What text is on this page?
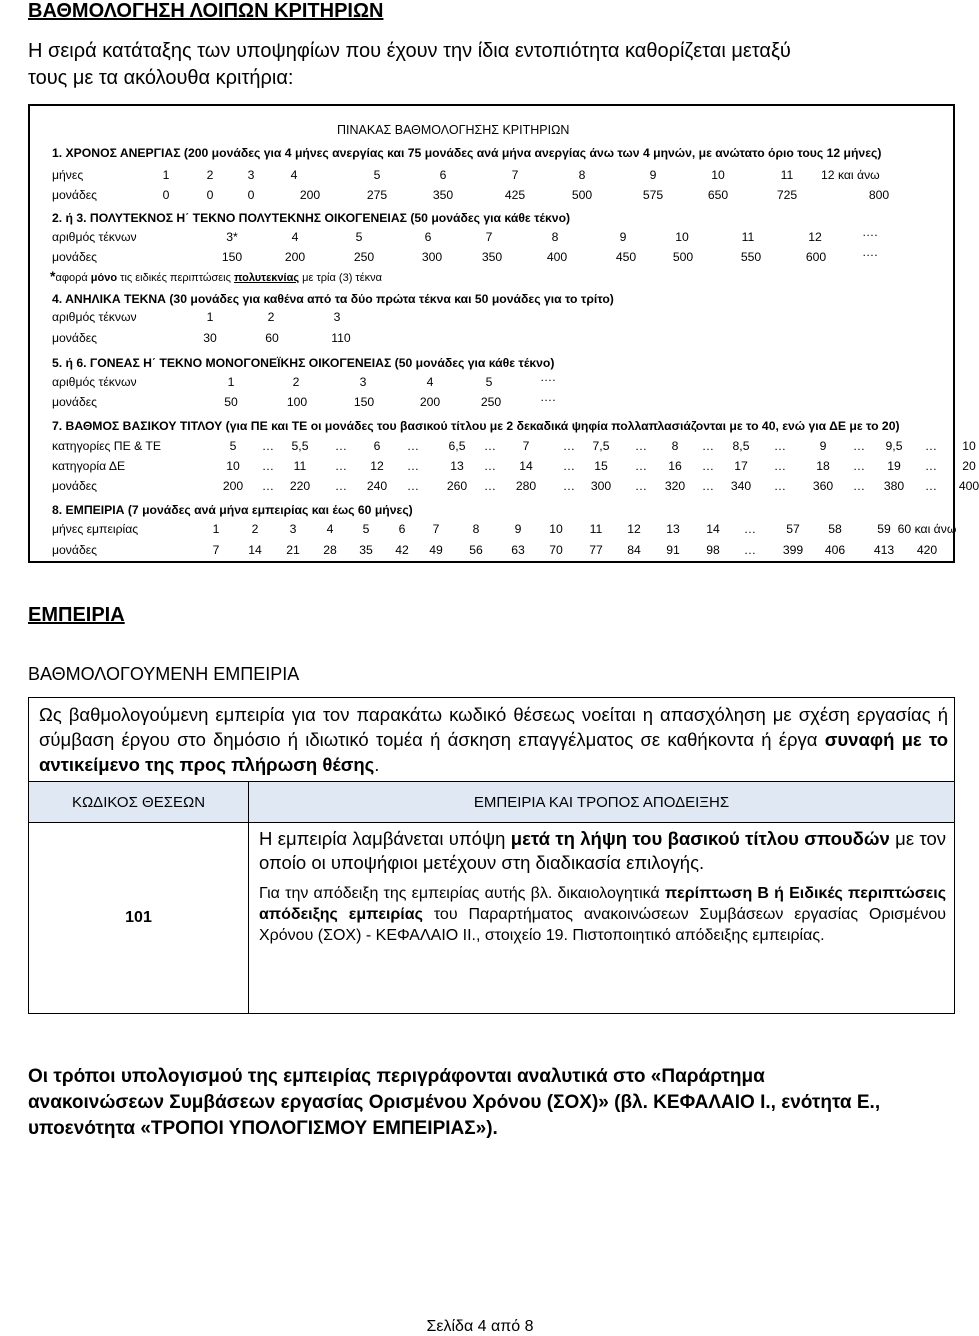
ΒΑΘΜΟΛΟΓΗΣΗ ΛΟΙΠΩΝ ΚΡΙΤΗΡΙΩΝ
Η σειρά κατάταξης των υποψηφίων που έχουν την ίδια εντοπιότητα καθορίζεται μεταξύ
τους με τα ακόλουθα κριτήρια:
ΠΙΝΑΚΑΣ ΒΑΘΜΟΛΟΓΗΣΗΣ ΚΡΙΤΗΡΙΩΝ
1. ΧΡΟΝΟΣ ΑΝΕΡΓΙΑΣ (200 μονάδες για 4 μήνες ανεργίας και 75 μονάδες ανά μήνα ανεργίας άνω των 4 μηνών, με ανώτατο όριο τους 12 μήνες)
μήνες	1	2	3	4	5	6	7	8	9	10	11 12 και άνω
μονάδες	0	0	0	200	275	350	425	500	575	650	725	800
2. ή 3. ΠΟΛΥΤΕΚΝΟΣ Η΄ ΤΕΚΝΟ ΠΟΛΥΤΕΚΝΗΣ ΟΙΚΟΓΕΝΕΙΑΣ (50 μονάδες για κάθε τέκνο)
αριθμός τέκνων	3*	4	5	6	7	8	9	10	11	12	….
μονάδες	150	200	250	300	350	400	450	500	550	600	….
*αφορά μόνο τις ειδικές περιπτώσεις πολυτεκνίας με τρία (3) τέκνα
4. ΑΝΗΛΙΚΑ ΤΕΚΝΑ (30 μονάδες για καθένα από τα δύο πρώτα τέκνα και 50 μονάδες για το τρίτο)
αριθμός τέκνων	1	2	3
μονάδες	30	60	110
5. ή 6. ΓΟΝΕΑΣ Η΄ ΤΕΚΝΟ ΜΟΝΟΓΟΝΕΪΚΗΣ ΟΙΚΟΓΕΝΕΙΑΣ (50 μονάδες για κάθε τέκνο)
αριθμός τέκνων	1	2	3	4	5	….
μονάδες	50	100	150	200	250	….
7. ΒΑΘΜΟΣ ΒΑΣΙΚΟΥ ΤΙΤΛΟΥ (για ΠΕ και ΤΕ οι μονάδες του βασικού τίτλου με 2 δεκαδικά ψηφία πολλαπλασιάζονται με το 40, ενώ για ΔΕ με το 20)
κατηγορίες ΠΕ & ΤΕ	5 … 5,5 … 6 … 6,5 … 7	… 7,5 … 8 … 8,5 …	9 … 9,5 … 10
κατηγορία ΔΕ	10 … 11 … 12 …	13 … 14 … 15 … 16 … 17 … 18 … 19 … 20
μονάδες	200 … 220 … 240 … 260 … 280 … 300 … 320 … 340 … 360 … 380 … 400
8. ΕΜΠΕΙΡΙΑ (7 μονάδες ανά μήνα εμπειρίας και έως 60 μήνες)
μήνες εμπειρίας	1	2	3 4 5 6 7	8	9 10 11 12 13 14 … 57 58	59 60 και άνω
μονάδες	7 14 21 28 35 42 49 56 63 70 77 84 91 98 … 399 406 413 420
ΕΜΠΕΙΡΙΑ
ΒΑΘΜΟΛΟΓΟΥΜΕΝΗ ΕΜΠΕΙΡΙΑ
Ως βαθμολογούμενη εμπειρία για τον παρακάτω κωδικό θέσεως νοείται η απασχόληση με σχέση εργασίας ή σύμβαση έργου στο δημόσιο ή ιδιωτικό τομέα ή άσκηση επαγγέλματος σε καθήκοντα ή έργα συναφή με το αντικείμενο της προς πλήρωση θέσης.	
ΚΩΔΙΚΟΣ ΘΕΣΕΩΝ	ΕΜΠΕΙΡΙΑ ΚΑΙ ΤΡΟΠΟΣ ΑΠΟΔΕΙΞΗΣ
101	Η εμπειρία λαμβάνεται υπόψη μετά τη λήψη του βασικού τίτλου σπουδών με τον οποίο οι υποψήφιοι μετέχουν στη διαδικασία επιλογής.
Για την απόδειξη της εμπειρίας αυτής βλ. δικαιολογητικά περίπτωση Β ή Ειδικές περιπτώσεις απόδειξης εμπειρίας του Παραρτήματος ανακοινώσεων Συμβάσεων εργασίας Ορισμένου Χρόνου (ΣΟΧ) - ΚΕΦΑΛΑΙΟ ΙΙ., στοιχείο 19. Πιστοποιητικό απόδειξης εμπειρίας.
Οι τρόποι υπολογισμού της εμπειρίας περιγράφονται αναλυτικά στο «Παράρτημα ανακοινώσεων Συμβάσεων εργασίας Ορισμένου Χρόνου (ΣΟΧ)» (βλ. ΚΕΦΑΛΑΙΟ Ι., ενότητα Ε., υποενότητα «ΤΡΟΠΟΙ ΥΠΟΛΟΓΙΣΜΟΥ ΕΜΠΕΙΡΙΑΣ»).
Σελίδα 4 από 8
